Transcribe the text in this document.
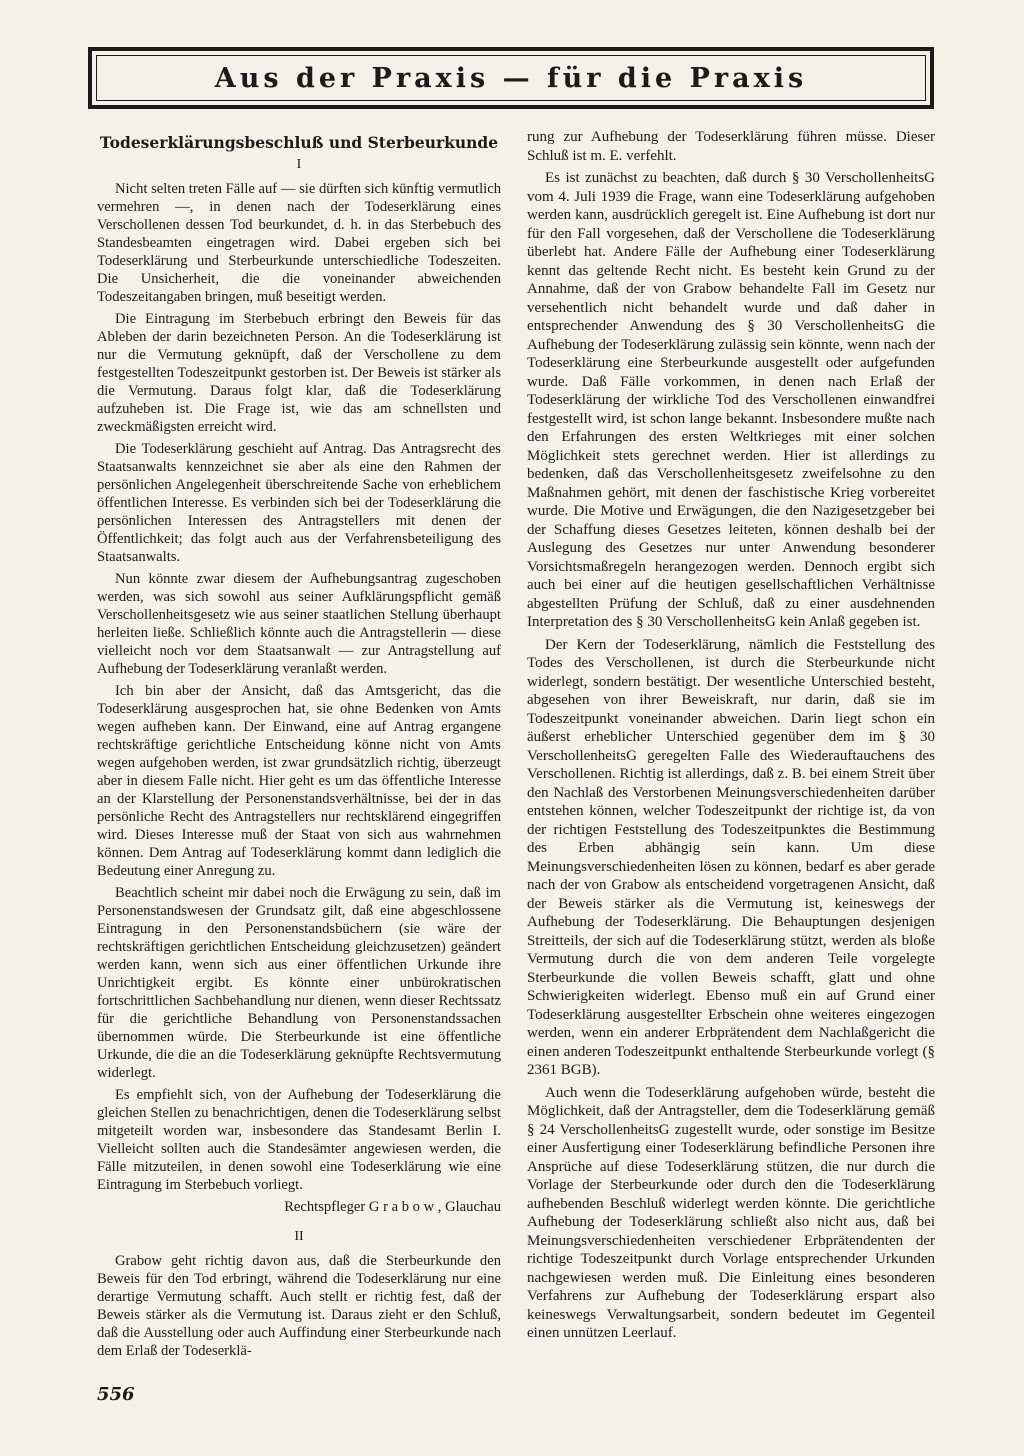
Aus der Praxis — für die Praxis
Todeserklärungsbeschluß und Sterbeurkunde
I

Nicht selten treten Fälle auf — sie dürften sich künftig vermutlich vermehren —, in denen nach der Todeserklärung eines Verschollenen dessen Tod beurkundet, d. h. in das Sterbebuch des Standesbeamten eingetragen wird. Dabei ergeben sich bei Todeserklärung und Sterbeurkunde unterschiedliche Todeszeiten. Die Unsicherheit, die die voneinander abweichenden Todeszeitangaben bringen, muß beseitigt werden.

Die Eintragung im Sterbebuch erbringt den Beweis für das Ableben der darin bezeichneten Person. An die Todeserklärung ist nur die Vermutung geknüpft, daß der Verschollene zu dem festgestellten Todeszeitpunkt gestorben ist. Der Beweis ist stärker als die Vermutung. Daraus folgt klar, daß die Todeserklärung aufzuheben ist. Die Frage ist, wie das am schnellsten und zweckmäßigsten erreicht wird.

Die Todeserklärung geschieht auf Antrag. Das Antragsrecht des Staatsanwalts kennzeichnet sie aber als eine den Rahmen der persönlichen Angelegenheit überschreitende Sache von erheblichem öffentlichen Interesse. Es verbinden sich bei der Todeserklärung die persönlichen Interessen des Antragstellers mit denen der Öffentlichkeit; das folgt auch aus der Verfahrensbeteiligung des Staatsanwalts.

Nun könnte zwar diesem der Aufhebungsantrag zugeschoben werden, was sich sowohl aus seiner Aufklärungspflicht gemäß Verschollenheitsgesetz wie aus seiner staatlichen Stellung überhaupt herleiten ließe. Schließlich könnte auch die Antragstellerin — diese vielleicht noch vor dem Staatsanwalt — zur Antragstellung auf Aufhebung der Todeserklärung veranlaßt werden.

Ich bin aber der Ansicht, daß das Amtsgericht, das die Todeserklärung ausgesprochen hat, sie ohne Bedenken von Amts wegen aufheben kann. Der Einwand, eine auf Antrag ergangene rechtskräftige gerichtliche Entscheidung könne nicht von Amts wegen aufgehoben werden, ist zwar grundsätzlich richtig, überzeugt aber in diesem Falle nicht. Hier geht es um das öffentliche Interesse an der Klarstellung der Personenstandsverhältnisse, bei der in das persönliche Recht des Antragstellers nur rechtsklärend eingegriffen wird. Dieses Interesse muß der Staat von sich aus wahrnehmen können. Dem Antrag auf Todeserklärung kommt dann lediglich die Bedeutung einer Anregung zu.

Beachtlich scheint mir dabei noch die Erwägung zu sein, daß im Personenstandswesen der Grundsatz gilt, daß eine abgeschlossene Eintragung in den Personenstandsbüchern (sie wäre der rechtskräftigen gerichtlichen Entscheidung gleichzusetzen) geändert werden kann, wenn sich aus einer öffentlichen Urkunde ihre Unrichtigkeit ergibt. Es könnte einer unbürokratischen fortschrittlichen Sachbehandlung nur dienen, wenn dieser Rechtssatz für die gerichtliche Behandlung von Personenstandssachen übernommen würde. Die Sterbeurkunde ist eine öffentliche Urkunde, die die an die Todeserklärung geknüpfte Rechtsvermutung widerlegt.

Es empfiehlt sich, von der Aufhebung der Todeserklärung die gleichen Stellen zu benachrichtigen, denen die Todeserklärung selbst mitgeteilt worden war, insbesondere das Standesamt Berlin I. Vielleicht sollten auch die Standesämter angewiesen werden, die Fälle mitzuteilen, in denen sowohl eine Todeserklärung wie eine Eintragung im Sterbebuch vorliegt.

Rechtspfleger G r a b o w , Glauchau
II

Grabow geht richtig davon aus, daß die Sterbeurkunde den Beweis für den Tod erbringt, während die Todeserklärung nur eine derartige Vermutung schafft. Auch stellt er richtig fest, daß der Beweis stärker als die Vermutung ist. Daraus zieht er den Schluß, daß die Ausstellung oder auch Auffindung einer Sterbeurkunde nach dem Erlaß der Todeserklä-

rung zur Aufhebung der Todeserklärung führen müsse. Dieser Schluß ist m. E. verfehlt.

Es ist zunächst zu beachten, daß durch § 30 VerschollenheitsG vom 4. Juli 1939 die Frage, wann eine Todeserklärung aufgehoben werden kann, ausdrücklich geregelt ist. Eine Aufhebung ist dort nur für den Fall vorgesehen, daß der Verschollene die Todeserklärung überlebt hat. Andere Fälle der Aufhebung einer Todeserklärung kennt das geltende Recht nicht. Es besteht kein Grund zu der Annahme, daß der von Grabow behandelte Fall im Gesetz nur versehentlich nicht behandelt wurde und daß daher in entsprechender Anwendung des § 30 VerschollenheitsG die Aufhebung der Todeserklärung zulässig sein könnte, wenn nach der Todeserklärung eine Sterbeurkunde ausgestellt oder aufgefunden wurde. Daß Fälle vorkommen, in denen nach Erlaß der Todeserklärung der wirkliche Tod des Verschollenen einwandfrei festgestellt wird, ist schon lange bekannt. Insbesondere mußte nach den Erfahrungen des ersten Weltkrieges mit einer solchen Möglichkeit stets gerechnet werden. Hier ist allerdings zu bedenken, daß das Verschollenheitsgesetz zweifelsohne zu den Maßnahmen gehört, mit denen der faschistische Krieg vorbereitet wurde. Die Motive und Erwägungen, die den Nazigesetzgeber bei der Schaffung dieses Gesetzes leiteten, können deshalb bei der Auslegung des Gesetzes nur unter Anwendung besonderer Vorsichtsmaßregeln herangezogen werden. Dennoch ergibt sich auch bei einer auf die heutigen gesellschaftlichen Verhältnisse abgestellten Prüfung der Schluß, daß zu einer ausdehnenden Interpretation des § 30 VerschollenheitsG kein Anlaß gegeben ist.

Der Kern der Todeserklärung, nämlich die Feststellung des Todes des Verschollenen, ist durch die Sterbeurkunde nicht widerlegt, sondern bestätigt. Der wesentliche Unterschied besteht, abgesehen von ihrer Beweiskraft, nur darin, daß sie im Todeszeitpunkt voneinander abweichen. Darin liegt schon ein äußerst erheblicher Unterschied gegenüber dem im § 30 VerschollenheitsG geregelten Falle des Wiederauftauchens des Verschollenen. Richtig ist allerdings, daß z. B. bei einem Streit über den Nachlaß des Verstorbenen Meinungsverschiedenheiten darüber entstehen können, welcher Todeszeitpunkt der richtige ist, da von der richtigen Feststellung des Todeszeitpunktes die Bestimmung des Erben abhängig sein kann. Um diese Meinungsverschiedenheiten lösen zu können, bedarf es aber gerade nach der von Grabow als entscheidend vorgetragenen Ansicht, daß der Beweis stärker als die Vermutung ist, keineswegs der Aufhebung der Todeserklärung. Die Behauptungen desjenigen Streitteils, der sich auf die Todeserklärung stützt, werden als bloße Vermutung durch die von dem anderen Teile vorgelegte Sterbeurkunde die vollen Beweis schafft, glatt und ohne Schwierigkeiten widerlegt. Ebenso muß ein auf Grund einer Todeserklärung ausgestellter Erbschein ohne weiteres eingezogen werden, wenn ein anderer Erbprätendent dem Nachlaßgericht die einen anderen Todeszeitpunkt enthaltende Sterbeurkunde vorlegt (§ 2361 BGB).

Auch wenn die Todeserklärung aufgehoben würde, besteht die Möglichkeit, daß der Antragsteller, dem die Todeserklärung gemäß § 24 VerschollenheitsG zugestellt wurde, oder sonstige im Besitze einer Ausfertigung einer Todeserklärung befindliche Personen ihre Ansprüche auf diese Todeserklärung stützen, die nur durch die Vorlage der Sterbeurkunde oder durch den die Todeserklärung aufhebenden Beschluß widerlegt werden könnte. Die gerichtliche Aufhebung der Todeserklärung schließt also nicht aus, daß bei Meinungsverschiedenheiten verschiedener Erbprätendenten der richtige Todeszeitpunkt durch Vorlage entsprechender Urkunden nachgewiesen werden muß. Die Einleitung eines besonderen Verfahrens zur Aufhebung der Todeserklärung erspart also keineswegs Verwaltungsarbeit, sondern bedeutet im Gegenteil einen unnützen Leerlauf.

556
